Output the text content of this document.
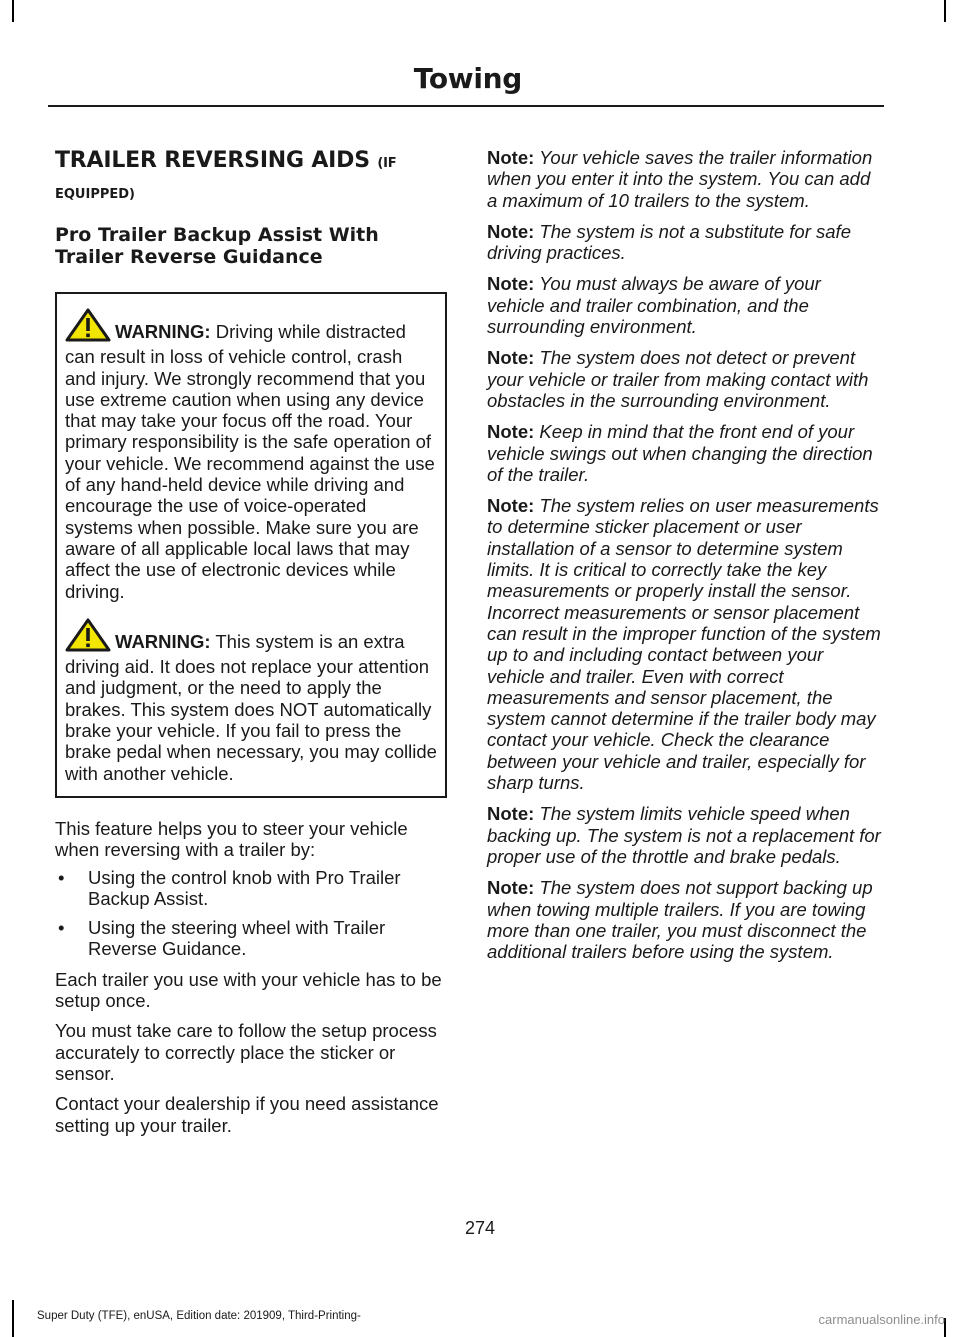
Towing
TRAILER REVERSING AIDS (IF
EQUIPPED)
Pro Trailer Backup Assist With Trailer Reverse Guidance

WARNING: Driving while distracted can result in loss of vehicle control, crash and injury. We strongly recommend that you use extreme caution when using any device that may take your focus off the road. Your primary responsibility is the safe operation of your vehicle. We recommend against the use of any hand-held device while driving and encourage the use of voice-operated systems when possible. Make sure you are aware of all applicable local laws that may affect the use of electronic devices while driving.

WARNING: This system is an extra driving aid. It does not replace your attention and judgment, or the need to apply the brakes. This system does NOT automatically brake your vehicle. If you fail to press the brake pedal when necessary, you may collide with another vehicle.

This feature helps you to steer your vehicle when reversing with a trailer by:

• Using the control knob with Pro Trailer Backup Assist.
• Using the steering wheel with Trailer Reverse Guidance.

Each trailer you use with your vehicle has to be setup once.

You must take care to follow the setup process accurately to correctly place the sticker or sensor.

Contact your dealership if you need assistance setting up your trailer.

Note: Your vehicle saves the trailer information when you enter it into the system. You can add a maximum of 10 trailers to the system.

Note: The system is not a substitute for safe driving practices.

Note: You must always be aware of your vehicle and trailer combination, and the surrounding environment.

Note: The system does not detect or prevent your vehicle or trailer from making contact with obstacles in the surrounding environment.

Note: Keep in mind that the front end of your vehicle swings out when changing the direction of the trailer.

Note: The system relies on user measurements to determine sticker placement or user installation of a sensor to determine system limits. It is critical to correctly take the key measurements or properly install the sensor. Incorrect measurements or sensor placement can result in the improper function of the system up to and including contact between your vehicle and trailer. Even with correct measurements and sensor placement, the system cannot determine if the trailer body may contact your vehicle. Check the clearance between your vehicle and trailer, especially for sharp turns.

Note: The system limits vehicle speed when backing up. The system is not a replacement for proper use of the throttle and brake pedals.

Note: The system does not support backing up when towing multiple trailers. If you are towing more than one trailer, you must disconnect the additional trailers before using the system.

274
Super Duty (TFE), enUSA, Edition date: 201909, Third-Printing-	carmanualsonline.info
